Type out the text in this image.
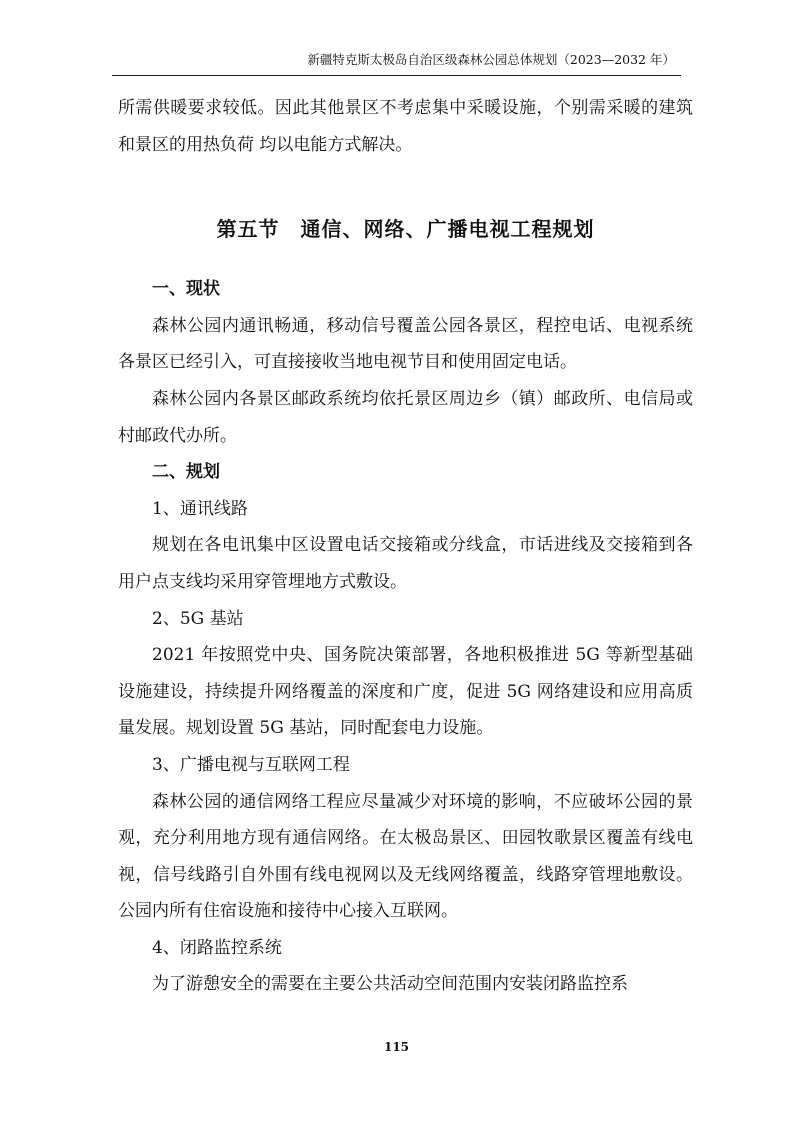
新疆特克斯太极岛自治区级森林公园总体规划（2023—2032 年）

所需供暖要求较低。因此其他景区不考虑集中采暖设施，个别需采暖的建筑和景区的用热负荷 均以电能方式解决。

第五节　通信、网络、广播电视工程规划

一、现状

森林公园内通讯畅通，移动信号覆盖公园各景区，程控电话、电视系统各景区已经引入，可直接接收当地电视节目和使用固定电话。

森林公园内各景区邮政系统均依托景区周边乡（镇）邮政所、电信局或村邮政代办所。

二、规划

1、通讯线路

规划在各电讯集中区设置电话交接箱或分线盒，市话进线及交接箱到各用户点支线均采用穿管埋地方式敷设。

2、5G 基站

2021 年按照党中央、国务院决策部署，各地积极推进 5G 等新型基础设施建设，持续提升网络覆盖的深度和广度，促进 5G 网络建设和应用高质量发展。规划设置 5G 基站，同时配套电力设施。

3、广播电视与互联网工程

森林公园的通信网络工程应尽量减少对环境的影响，不应破坏公园的景观，充分利用地方现有通信网络。在太极岛景区、田园牧歌景区覆盖有线电视，信号线路引自外围有线电视网以及无线网络覆盖，线路穿管埋地敷设。公园内所有住宿设施和接待中心接入互联网。

4、闭路监控系统

为了游憩安全的需要在主要公共活动空间范围内安装闭路监控系

115
